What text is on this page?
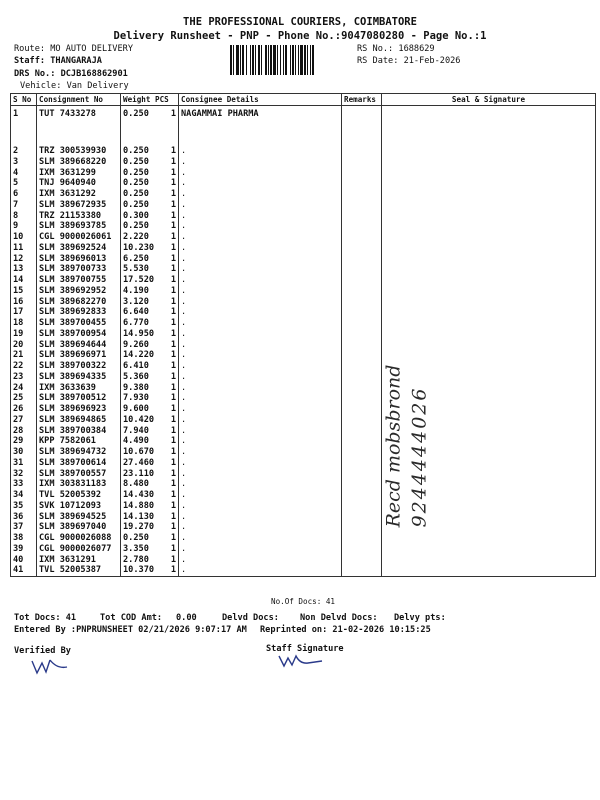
THE PROFESSIONAL COURIERS, COIMBATORE
Delivery Runsheet - PNP - Phone No.:9047080280 - Page No.:1
Route: MO AUTO DELIVERY
Staff: THANGARAJA
DRS No.: DCJB168862901
Vehicle: Van Delivery
RS No.: 1688629
RS Date: 21-Feb-2026
S No	Consignment No	Weight PCS	Consignee Details	Remarks	Seal & Signature
1	TUT 7433278	0.250 1	NAGAMMAI PHARMA		
2	TRZ 300539930	0.250 1	.		
3	SLM 389668220	0.250 1	.		
4	IXM 3631299	0.250 1	.		
5	TNJ 9640940	0.250 1	.		
6	IXM 3631292	0.250 1	.		
7	SLM 389672935	0.250 1	.		
8	TRZ 21153380	0.300 1	.		
9	SLM 389693785	0.250 1	.		
10	CGL 9000026061	2.220 1	.		
11	SLM 389692524	10.230 1	.		
12	SLM 389696013	6.250 1	.		
13	SLM 389700733	5.530 1	.		
14	SLM 389700755	17.520 1	.		
15	SLM 389692952	4.190 1	.		
16	SLM 389682270	3.120 1	.		
17	SLM 389692833	6.640 1	.		
18	SLM 389700455	6.770 1	.		
19	SLM 389700954	14.950 1	.		
20	SLM 389694644	9.260 1	.		
21	SLM 389696971	14.220 1	.		
22	SLM 389700322	6.410 1	.		
23	SLM 389694335	5.360 1	.		
24	IXM 3633639	9.380 1	.		
25	SLM 389700512	7.930 1	.		
26	SLM 389696923	9.600 1	.		
27	SLM 389694865	10.420 1	.		
28	SLM 389700384	7.940 1	.		
29	KPP 7582061	4.490 1	.		
30	SLM 389694732	10.670 1	.		
31	SLM 389700614	27.460 1	.		
32	SLM 389700557	23.110 1	.		
33	IXM 303831183	8.480 1	.		
34	TVL 52005392	14.430 1	.		
35	SVK 10712093	14.880 1	.		
36	SLM 389694525	14.130 1	.		
37	SLM 389697040	19.270 1	.		
38	CGL 9000026088	0.250 1	.		
39	CGL 9000026077	3.350 1	.		
40	IXM 3631291	2.780 1	.		
41	TVL 52005387	10.370 1	.		
No.Of Docs: 41
Recd mobsbrond 9244444026
Tot Docs: 41	Tot COD Amt: 0.00	Delvd Docs: Non Delvd Docs: Delvy pts:
Entered By :PNPRUNSHEET 02/21/2026 9:07:17 AM Reprinted on: 21-02-2026 10:15:25
Verified By	Staff Signature
